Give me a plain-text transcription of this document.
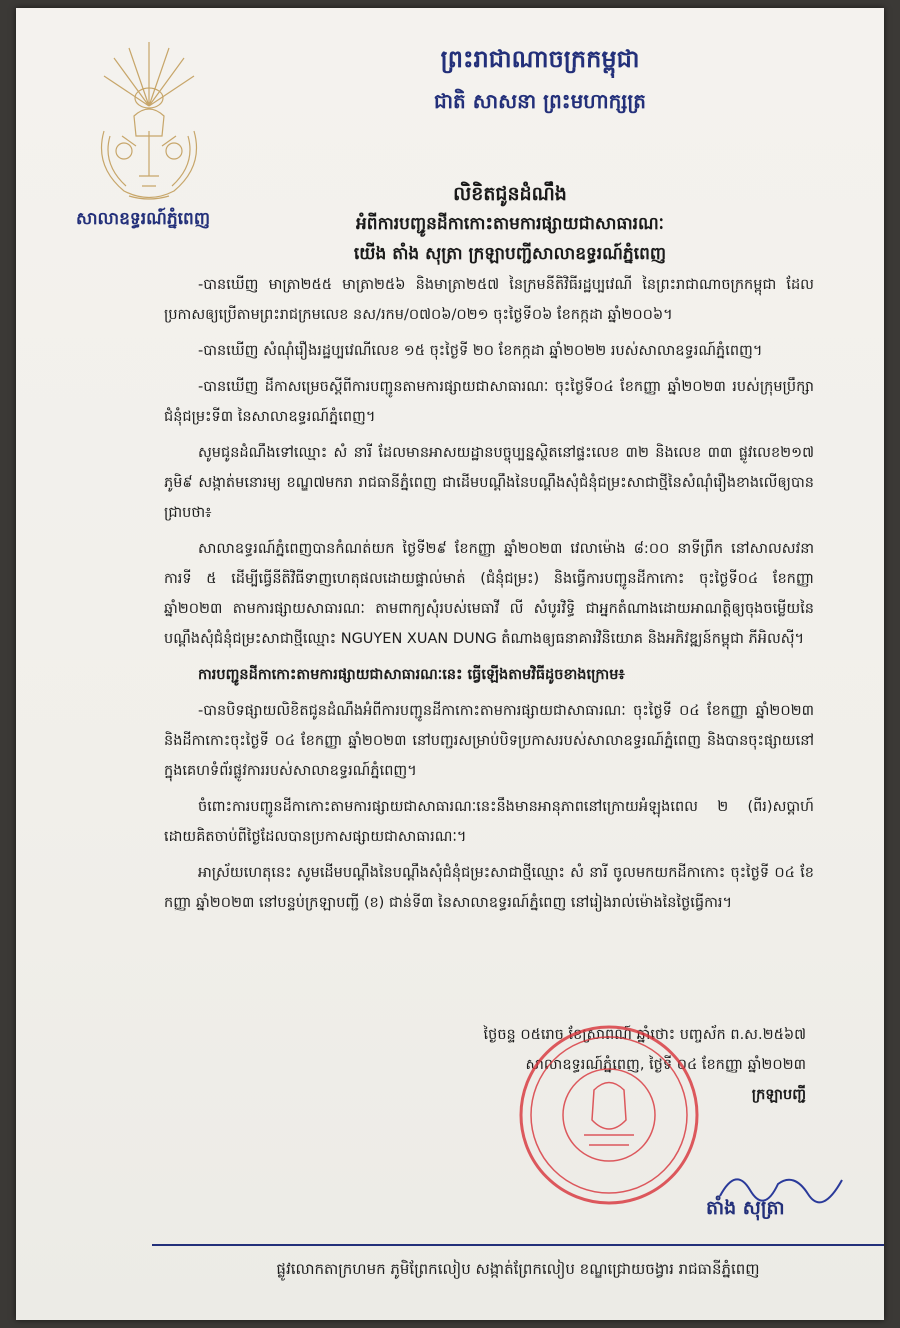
សាលាឧទ្ធរណ៍ភ្នំពេញ
ព្រះរាជាណាចក្រកម្ពុជា
ជាតិ សាសនា ព្រះមហាក្សត្រ
លិខិតជូនដំណឹង
អំពីការបញ្ជូនដីកាកោះតាមការផ្សាយជាសាធារណៈ
យើង តាំង សុត្រា ក្រឡាបញ្ជីសាលាឧទ្ធរណ៍ភ្នំពេញ

-បានឃើញ មាត្រា២៥៥ មាត្រា២៥៦ និងមាត្រា២៥៧ នៃក្រមនីតិវិធីរដ្ឋប្បវេណី នៃព្រះរាជាណាចក្រកម្ពុជា ដែលប្រកាសឲ្យប្រើតាមព្រះរាជក្រមលេខ នស/រកម/០៧០៦/០២១ ចុះថ្ងៃទី០៦ ខែកក្កដា ឆ្នាំ២០០៦។

-បានឃើញ សំណុំរឿងរដ្ឋប្បវេណីលេខ ១៥ ចុះថ្ងៃទី ២០ ខែកក្កដា ឆ្នាំ២០២២ របស់សាលាឧទ្ធរណ៍ភ្នំពេញ។

-បានឃើញ ដីកាសម្រេចស្តីពីការបញ្ជូនតាមការផ្សាយជាសាធារណៈ ចុះថ្ងៃទី០៤ ខែកញ្ញា ឆ្នាំ២០២៣ របស់ក្រុមប្រឹក្សាជំនុំជម្រះទី៣ នៃសាលាឧទ្ធរណ៍ភ្នំពេញ។

សូមជូនដំណឹងទៅឈ្មោះ សំ នារី ដែលមានអាសយដ្ឋានបច្ចុប្បន្នស្ថិតនៅផ្ទះលេខ ៣២ និងលេខ ៣៣ ផ្លូវលេខ២១៧ ភូមិ៩ សង្កាត់មនោរម្យ ខណ្ឌ៧មករា រាជធានីភ្នំពេញ ជាដើមបណ្តឹងនៃបណ្តឹងសុំជំនុំជម្រះសាជាថ្មីនៃសំណុំរឿងខាងលើឲ្យបានជ្រាបថា៖

សាលាឧទ្ធរណ៍ភ្នំពេញបានកំណត់យក ថ្ងៃទី២៩ ខែកញ្ញា ឆ្នាំ២០២៣ វេលាម៉ោង ៨:០០ នាទីព្រឹក នៅសាលសវនាការទី ៥ ដើម្បីធ្វើនីតិវិធីទាញហេតុផលដោយផ្ទាល់មាត់ (ជំនុំជម្រះ) និងធ្វើការបញ្ជូនដីកាកោះ ចុះថ្ងៃទី០៤ ខែកញ្ញា ឆ្នាំ២០២៣ តាមការផ្សាយសាធារណៈ តាមពាក្យសុំរបស់មេធាវី លី សំបូរវិទ្ធិ ជាអ្នកតំណាងដោយអាណត្តិឲ្យចុងចម្លើយនៃបណ្តឹងសុំជំនុំជម្រះសាជាថ្មីឈ្មោះ NGUYEN XUAN DUNG តំណាងឲ្យធនាគារវិនិយោគ និងអភិវឌ្ឍន៍កម្ពុជា ភីអិលស៊ី។

ការបញ្ជូនដីកាកោះតាមការផ្សាយជាសាធារណៈនេះ ធ្វើឡើងតាមវិធីដូចខាងក្រោម៖

-បានបិទផ្សាយលិខិតជូនដំណឹងអំពីការបញ្ជូនដីកាកោះតាមការផ្សាយជាសាធារណៈ ចុះថ្ងៃទី ០៤ ខែកញ្ញា ឆ្នាំ២០២៣ និងដីកាកោះចុះថ្ងៃទី ០៤ ខែកញ្ញា ឆ្នាំ២០២៣ នៅបញ្ជរសម្រាប់បិទប្រកាសរបស់សាលាឧទ្ធរណ៍ភ្នំពេញ និងបានចុះផ្សាយនៅក្នុងគេហទំព័រផ្លូវការរបស់សាលាឧទ្ធរណ៍ភ្នំពេញ។

ចំពោះការបញ្ជូនដីកាកោះតាមការផ្សាយជាសាធារណៈនេះនឹងមានអានុភាពនៅក្រោយអំឡុងពេល ២ (ពីរ)សប្តាហ៍ ដោយគិតចាប់ពីថ្ងៃដែលបានប្រកាសផ្សាយជាសាធារណៈ។

អាស្រ័យហេតុនេះ សូមដើមបណ្តឹងនៃបណ្តឹងសុំជំនុំជម្រះសាជាថ្មីឈ្មោះ សំ នារី ចូលមកយកដីកាកោះ ចុះថ្ងៃទី ០៤ ខែកញ្ញា ឆ្នាំ២០២៣ នៅបន្ទប់ក្រឡាបញ្ជី (ខ) ជាន់ទី៣ នៃសាលាឧទ្ធរណ៍ភ្នំពេញ នៅរៀងរាល់ម៉ោងនៃថ្ងៃធ្វើការ។

ថ្ងៃចន្ទ ០៥រោច ខែស្រាពណ៍ ឆ្នាំថោះ បញ្ចស័ក ព.ស.២៥៦៧
សាលាឧទ្ធរណ៍ភ្នំពេញ, ថ្ងៃទី ០៤ ខែកញ្ញា ឆ្នាំ២០២៣
ក្រឡាបញ្ជី
តាំង សុត្រា
ផ្លូវលោកតាក្រហមក ភូមិព្រែកលៀប សង្កាត់ព្រែកលៀប ខណ្ឌជ្រោយចង្វារ រាជធានីភ្នំពេញ
